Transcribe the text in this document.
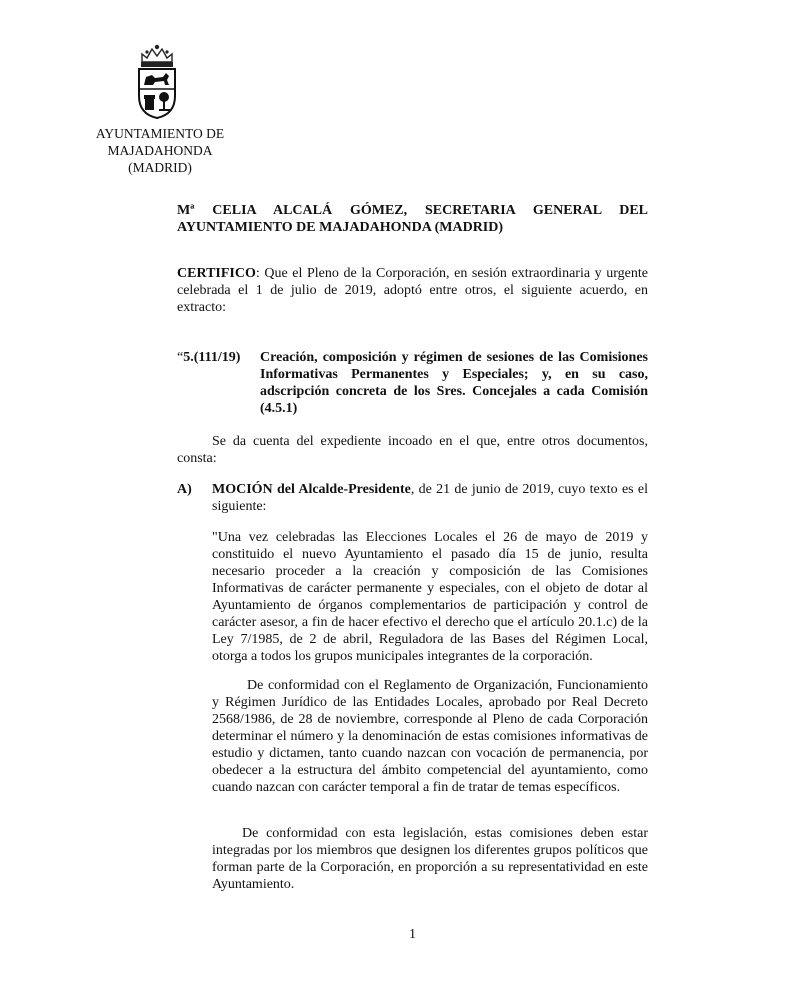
AYUNTAMIENTO DE
MAJADAHONDA
(MADRID)
Mª CELIA ALCALÁ GÓMEZ, SECRETARIA GENERAL DEL
AYUNTAMIENTO DE MAJADAHONDA (MADRID)
CERTIFICO: Que el Pleno de la Corporación, en sesión extraordinaria y urgente celebrada el 1 de julio de 2019, adoptó entre otros, el siguiente acuerdo, en extracto:
“5.(111/19) Creación, composición y régimen de sesiones de las Comisiones Informativas Permanentes y Especiales; y, en su caso, adscripción concreta de los Sres. Concejales a cada Comisión (4.5.1)
Se da cuenta del expediente incoado en el que, entre otros documentos, consta:
A) MOCIÓN del Alcalde-Presidente, de 21 de junio de 2019, cuyo texto es el siguiente:
"Una vez celebradas las Elecciones Locales el 26 de mayo de 2019 y constituido el nuevo Ayuntamiento el pasado día 15 de junio, resulta necesario proceder a la creación y composición de las Comisiones Informativas de carácter permanente y especiales, con el objeto de dotar al Ayuntamiento de órganos complementarios de participación y control de carácter asesor, a fin de hacer efectivo el derecho que el artículo 20.1.c) de la Ley 7/1985, de 2 de abril, Reguladora de las Bases del Régimen Local, otorga a todos los grupos municipales integrantes de la corporación.
De conformidad con el Reglamento de Organización, Funcionamiento y Régimen Jurídico de las Entidades Locales, aprobado por Real Decreto 2568/1986, de 28 de noviembre, corresponde al Pleno de cada Corporación determinar el número y la denominación de estas comisiones informativas de estudio y dictamen, tanto cuando nazcan con vocación de permanencia, por obedecer a la estructura del ámbito competencial del ayuntamiento, como cuando nazcan con carácter temporal a fin de tratar de temas específicos.
De conformidad con esta legislación, estas comisiones deben estar integradas por los miembros que designen los diferentes grupos políticos que forman parte de la Corporación, en proporción a su representatividad en este Ayuntamiento.
1
